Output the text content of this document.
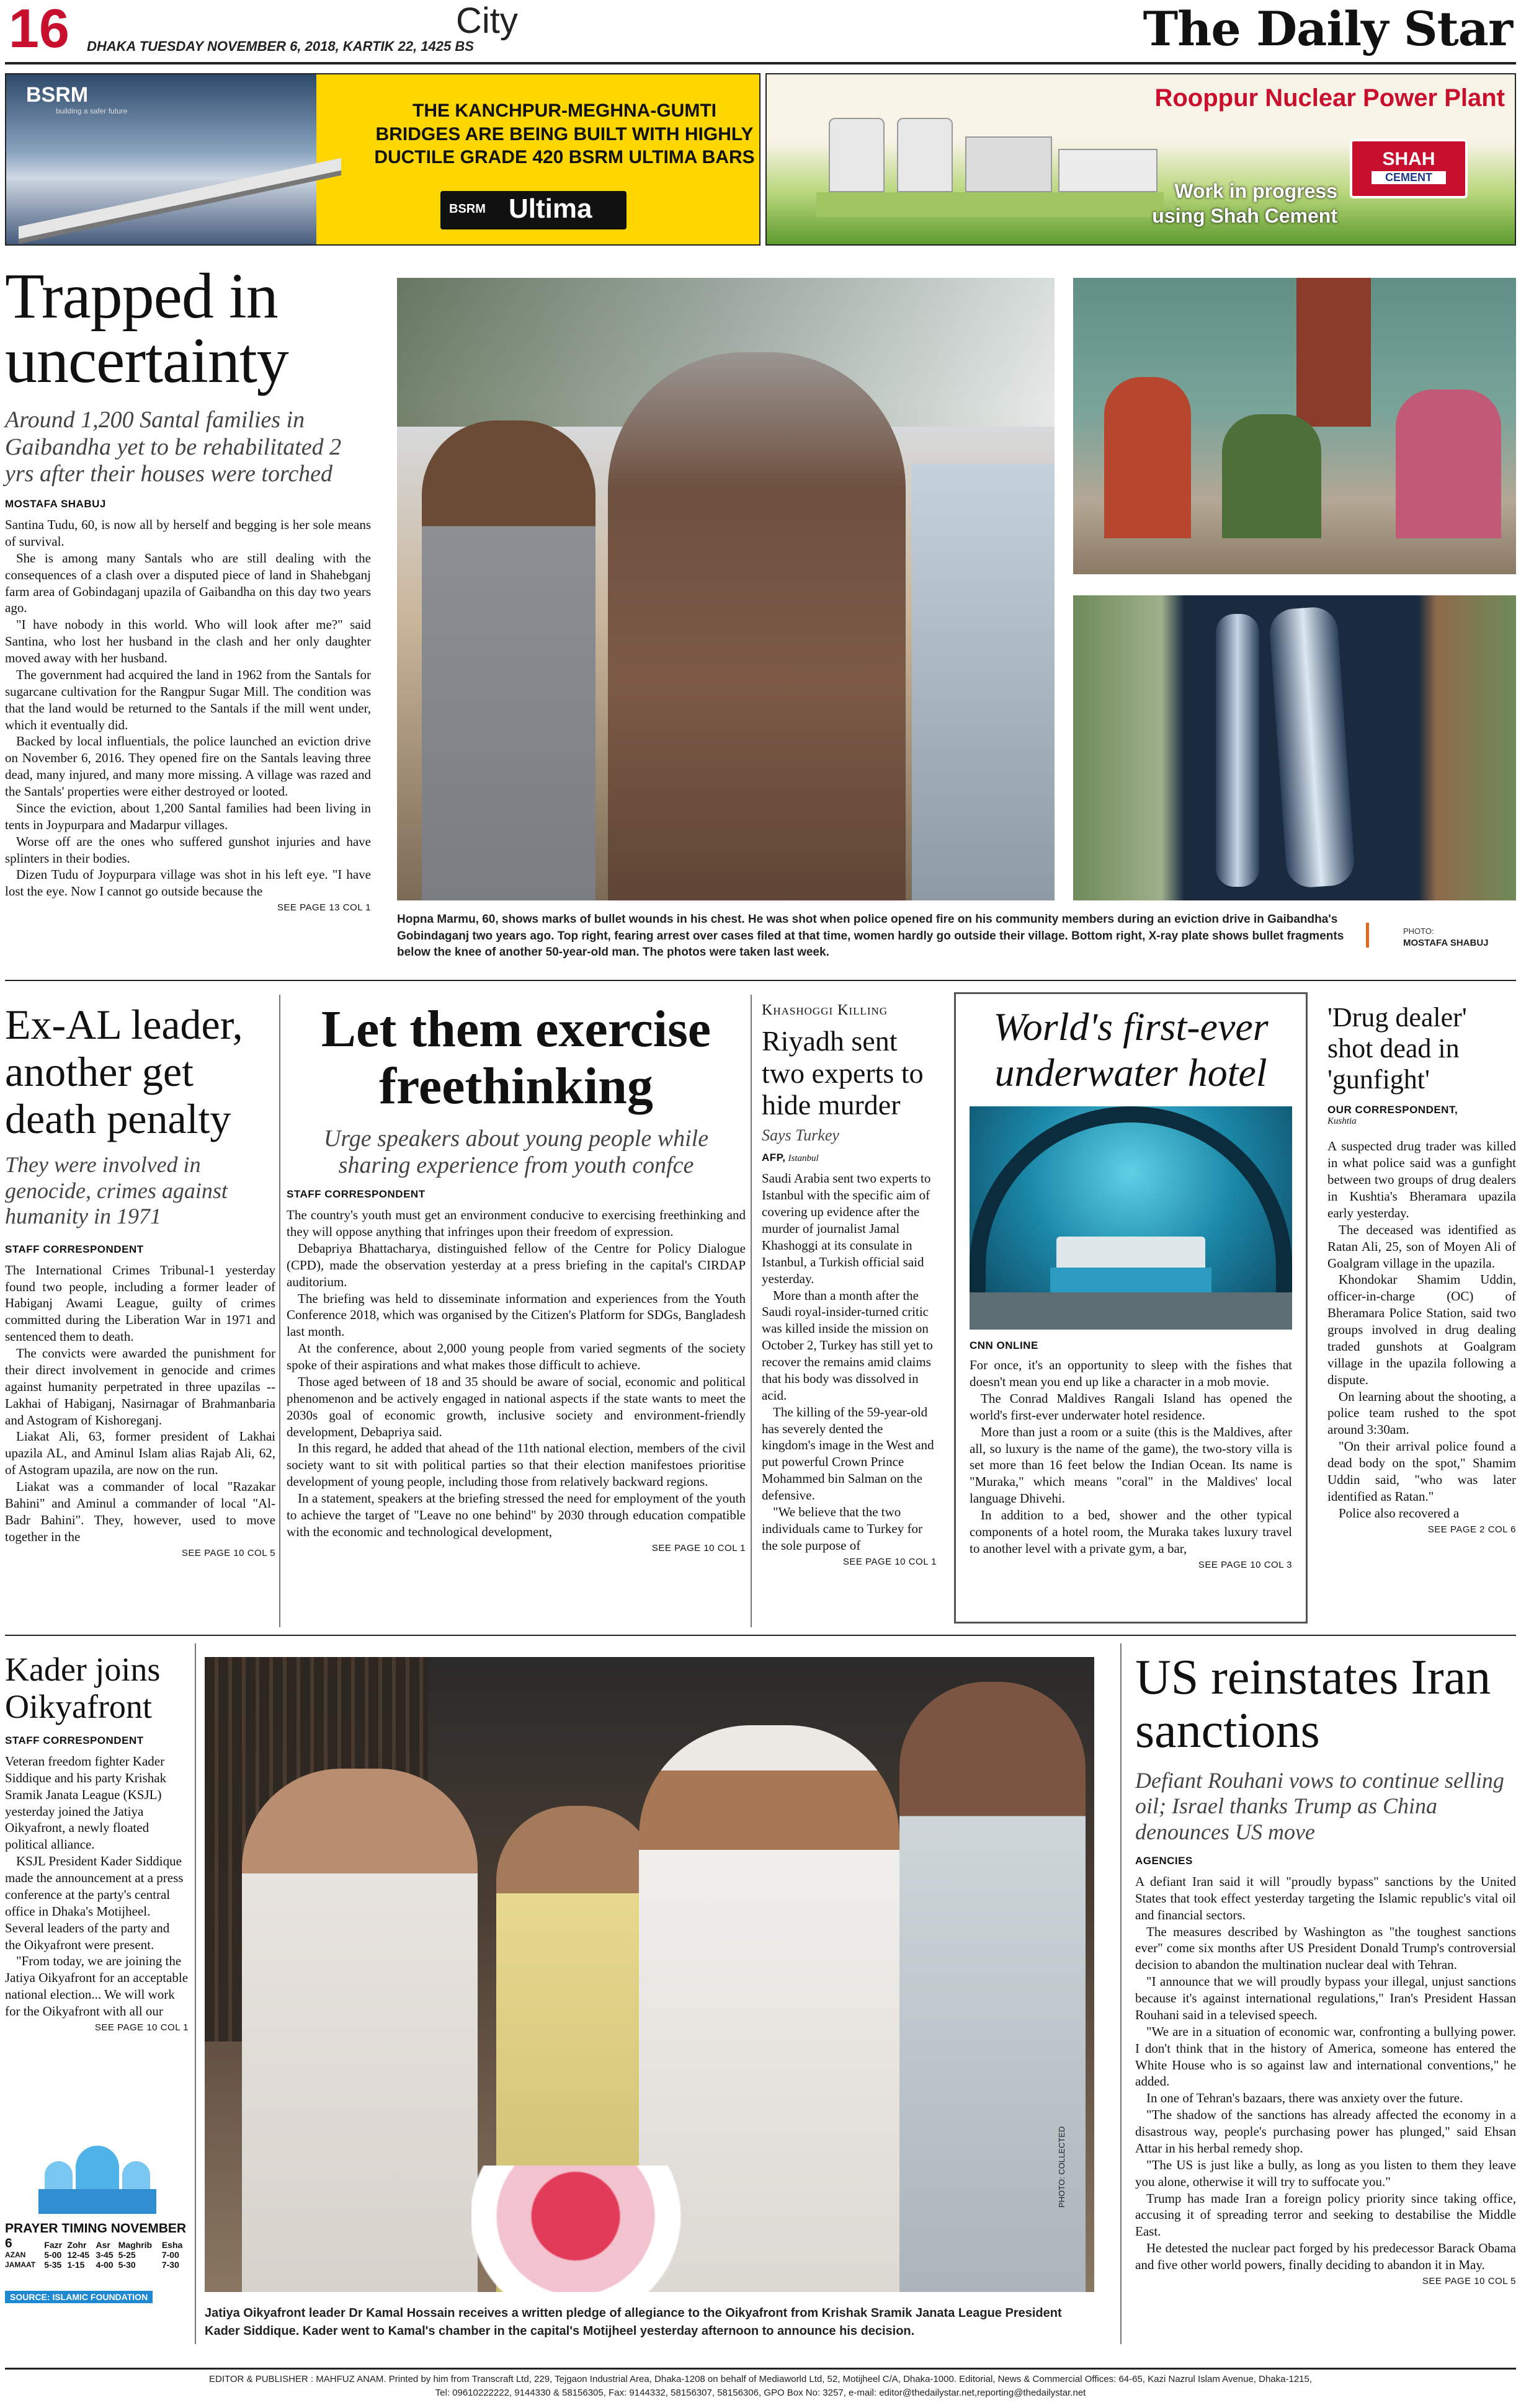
16 DHAKA TUESDAY NOVEMBER 6, 2018, KARTIK 22, 1425 BS
City	The Daily Star
BSRM
building a safer future	THE KANCHPUR-MEGHNA-GUMTI BRIDGES ARE BEING BUILT WITH HIGHLY DUCTILE GRADE 420 BSRM ULTIMA BARS
BSRM Ultima
Rooppur Nuclear Power Plant
SHAH
CEMENT
Work in progress using Shah Cement
Trapped in uncertainty
Around 1,200 Santal families in Gaibandha yet to be rehabilitated 2 yrs after their houses were torched
MOSTAFA SHABUJ

Santina Tudu, 60, is now all by herself and begging is her sole means of survival.

She is among many Santals who are still dealing with the consequences of a clash over a disputed piece of land in Shahebganj farm area of Gobindaganj upazila of Gaibandha on this day two years ago.

"I have nobody in this world. Who will look after me?" said Santina, who lost her husband in the clash and her only daughter moved away with her husband.

The government had acquired the land in 1962 from the Santals for sugarcane cultivation for the Rangpur Sugar Mill. The condition was that the land would be returned to the Santals if the mill went under, which it eventually did.

Backed by local influentials, the police launched an eviction drive on November 6, 2016. They opened fire on the Santals leaving three dead, many injured, and many more missing. A village was razed and the Santals' properties were either destroyed or looted.

Since the eviction, about 1,200 Santal families had been living in tents in Joypurpara and Madarpur villages.

Worse off are the ones who suffered gunshot injuries and have splinters in their bodies.

Dizen Tudu of Joypurpara village was shot in his left eye. "I have lost the eye. Now I cannot go outside because the

SEE PAGE 13 COL 1
Hopna Marmu, 60, shows marks of bullet wounds in his chest. He was shot when police opened fire on his community members during an eviction drive in Gaibandha's Gobindaganj two years ago. Top right, fearing arrest over cases filed at that time, women hardly go outside their village. Bottom right, X-ray plate shows bullet fragments below the knee of another 50-year-old man. The photos were taken last week.
PHOTO:
MOSTAFA SHABUJ
Ex-AL leader, another get death penalty
They were involved in genocide, crimes against humanity in 1971
STAFF CORRESPONDENT

The International Crimes Tribunal-1 yesterday found two people, including a former leader of Habiganj Awami League, guilty of crimes committed during the Liberation War in 1971 and sentenced them to death.

The convicts were awarded the punishment for their direct involvement in genocide and crimes against humanity perpetrated in three upazilas -- Lakhai of Habiganj, Nasirnagar of Brahmanbaria and Astogram of Kishoreganj.

Liakat Ali, 63, former president of Lakhai upazila AL, and Aminul Islam alias Rajab Ali, 62, of Astogram upazila, are now on the run.

Liakat was a commander of local "Razakar Bahini" and Aminul a commander of local "Al-Badr Bahini". They, however, used to move together in the

SEE PAGE 10 COL 5
Let them exercise freethinking
Urge speakers about young people while sharing experience from youth confce
STAFF CORRESPONDENT

The country's youth must get an environment conducive to exercising freethinking and they will oppose anything that infringes upon their freedom of expression.

Debapriya Bhattacharya, distinguished fellow of the Centre for Policy Dialogue (CPD), made the observation yesterday at a press briefing in the capital's CIRDAP auditorium.

The briefing was held to disseminate information and experiences from the Youth Conference 2018, which was organised by the Citizen's Platform for SDGs, Bangladesh last month.

At the conference, about 2,000 young people from varied segments of the society spoke of their aspirations and what makes those difficult to achieve.

Those aged between of 18 and 35 should be aware of social, economic and political phenomenon and be actively engaged in national aspects if the state wants to meet the 2030s goal of economic growth, inclusive society and environment-friendly development, Debapriya said.

In this regard, he added that ahead of the 11th national election, members of the civil society want to sit with political parties so that their election manifestoes prioritise development of young people, including those from relatively backward regions.

In a statement, speakers at the briefing stressed the need for employment of the youth to achieve the target of "Leave no one behind" by 2030 through education compatible with the economic and technological development,

SEE PAGE 10 COL 1
Khashoggi Killing
Riyadh sent two experts to hide murder
Says Turkey
AFP, Istanbul

Saudi Arabia sent two experts to Istanbul with the specific aim of covering up evidence after the murder of journalist Jamal Khashoggi at its consulate in Istanbul, a Turkish official said yesterday.

More than a month after the Saudi royal-insider-turned critic was killed inside the mission on October 2, Turkey has still yet to recover the remains amid claims that his body was dissolved in acid.

The killing of the 59-year-old has severely dented the kingdom's image in the West and put powerful Crown Prince Mohammed bin Salman on the defensive.

"We believe that the two individuals came to Turkey for the sole purpose of

SEE PAGE 10 COL 1
World's first-ever underwater hotel
CNN ONLINE

For once, it's an opportunity to sleep with the fishes that doesn't mean you end up like a character in a mob movie.

The Conrad Maldives Rangali Island has opened the world's first-ever underwater hotel residence.

More than just a room or a suite (this is the Maldives, after all, so luxury is the name of the game), the two-story villa is set more than 16 feet below the Indian Ocean. Its name is "Muraka," which means "coral" in the Maldives' local language Dhivehi.

In addition to a bed, shower and the other typical components of a hotel room, the Muraka takes luxury travel to another level with a private gym, a bar,

SEE PAGE 10 COL 3
'Drug dealer' shot dead in 'gunfight'
OUR CORRESPONDENT,
Kushtia

A suspected drug trader was killed in what police said was a gunfight between two groups of drug dealers in Kushtia's Bheramara upazila early yesterday.

The deceased was identified as Ratan Ali, 25, son of Moyen Ali of Goalgram village in the upazila.

Khondokar Shamim Uddin, officer-in-charge (OC) of Bheramara Police Station, said two groups involved in drug dealing traded gunshots at Goalgram village in the upazila following a dispute.

On learning about the shooting, a police team rushed to the spot around 3:30am.

"On their arrival police found a dead body on the spot," Shamim Uddin said, "who was later identified as Ratan."

Police also recovered a

SEE PAGE 2 COL 6
Kader joins Oikyafront
STAFF CORRESPONDENT

Veteran freedom fighter Kader Siddique and his party Krishak Sramik Janata League (KSJL) yesterday joined the Jatiya Oikyafront, a newly floated political alliance.

KSJL President Kader Siddique made the announcement at a press conference at the party's central office in Dhaka's Motijheel. Several leaders of the party and the Oikyafront were present.

"From today, we are joining the Jatiya Oikyafront for an acceptable national election... We will work for the Oikyafront with all our

SEE PAGE 10 COL 1
PRAYER TIMING NOVEMBER 6
		Fazr	Zohr	Asr	Maghrib	Esha
AZAN	5-00	12-45	3-45	5-25	7-00
JAMAAT	5-35	1-15	4-00	5-30	7-30
SOURCE: ISLAMIC FOUNDATION
PHOTO: COLLECTED
Jatiya Oikyafront leader Dr Kamal Hossain receives a written pledge of allegiance to the Oikyafront from Krishak Sramik Janata League President Kader Siddique. Kader went to Kamal's chamber in the capital's Motijheel yesterday afternoon to announce his decision.
US reinstates Iran sanctions
Defiant Rouhani vows to continue selling oil; Israel thanks Trump as China denounces US move
AGENCIES

A defiant Iran said it will "proudly bypass" sanctions by the United States that took effect yesterday targeting the Islamic republic's vital oil and financial sectors.

The measures described by Washington as "the toughest sanctions ever" come six months after US President Donald Trump's controversial decision to abandon the multination nuclear deal with Tehran.

"I announce that we will proudly bypass your illegal, unjust sanctions because it's against international regulations," Iran's President Hassan Rouhani said in a televised speech.

"We are in a situation of economic war, confronting a bullying power. I don't think that in the history of America, someone has entered the White House who is so against law and international conventions," he added.

In one of Tehran's bazaars, there was anxiety over the future.

"The shadow of the sanctions has already affected the economy in a disastrous way, people's purchasing power has plunged," said Ehsan Attar in his herbal remedy shop.

"The US is just like a bully, as long as you listen to them they leave you alone, otherwise it will try to suffocate you."

Trump has made Iran a foreign policy priority since taking office, accusing it of spreading terror and seeking to destabilise the Middle East.

He detested the nuclear pact forged by his predecessor Barack Obama and five other world powers, finally deciding to abandon it in May.

SEE PAGE 10 COL 5
EDITOR & PUBLISHER : MAHFUZ ANAM. Printed by him from Transcraft Ltd, 229, Tejgaon Industrial Area, Dhaka-1208 on behalf of Mediaworld Ltd, 52, Motijheel C/A, Dhaka-1000. Editorial, News & Commercial Offices: 64-65, Kazi Nazrul Islam Avenue, Dhaka-1215,
Tel: 09610222222, 9144330 & 58156305, Fax: 9144332, 58156307, 58156306, GPO Box No: 3257, e-mail: editor@thedailystar.net,reporting@thedailystar.net
